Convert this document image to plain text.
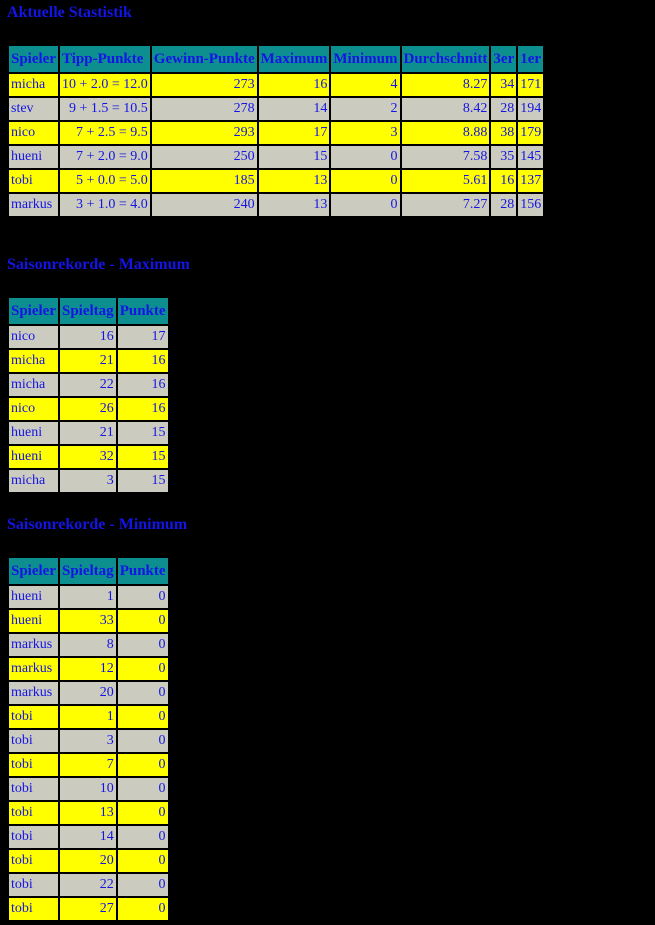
Aktuelle Stastistik
Spieler	Tipp-Punkte	Gewinn-Punkte	Maximum	Minimum	Durchschnitt	3er	1er
micha	10 + 2.0 = 12.0	273	16	4	8.27	34	171
stev	9 + 1.5 = 10.5	278	14	2	8.42	28	194
nico	7 + 2.5 = 9.5	293	17	3	8.88	38	179
hueni	7 + 2.0 = 9.0	250	15	0	7.58	35	145
tobi	5 + 0.0 = 5.0	185	13	0	5.61	16	137
markus	3 + 1.0 = 4.0	240	13	0	7.27	28	156
Saisonrekorde - Maximum
Spieler	Spieltag	Punkte
nico	16	17
micha	21	16
micha	22	16
nico	26	16
hueni	21	15
hueni	32	15
micha	3	15
Saisonrekorde - Minimum
Spieler	Spieltag	Punkte
hueni	1	0
hueni	33	0
markus	8	0
markus	12	0
markus	20	0
tobi	1	0
tobi	3	0
tobi	7	0
tobi	10	0
tobi	13	0
tobi	14	0
tobi	20	0
tobi	22	0
tobi	27	0
